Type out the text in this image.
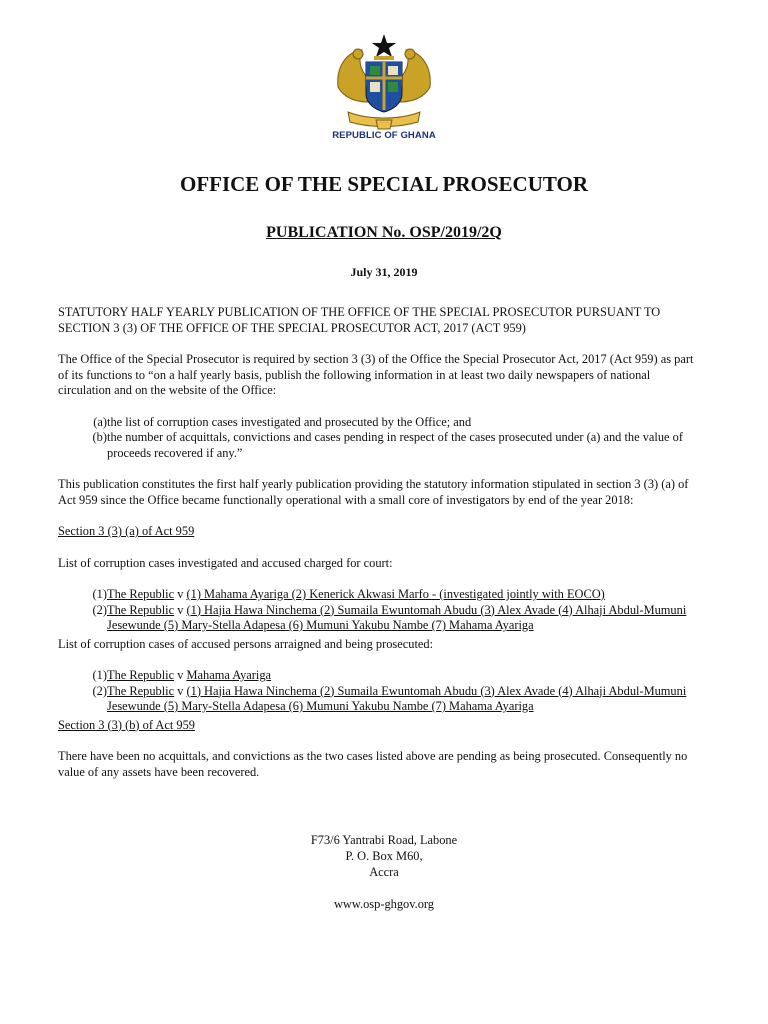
REPUBLIC OF GHANA
OFFICE OF THE SPECIAL PROSECUTOR
PUBLICATION No. OSP/2019/2Q
July 31, 2019

STATUTORY HALF YEARLY PUBLICATION OF THE OFFICE OF THE SPECIAL PROSECUTOR PURSUANT TO SECTION 3 (3) OF THE OFFICE OF THE SPECIAL PROSECUTOR ACT, 2017 (ACT 959)

The Office of the Special Prosecutor is required by section 3 (3) of the Office the Special Prosecutor Act, 2017 (Act 959) as part of its functions to “on a half yearly basis, publish the following information in at least two daily newspapers of national circulation and on the website of the Office:

(a) the list of corruption cases investigated and prosecuted by the Office; and
(b) the number of acquittals, convictions and cases pending in respect of the cases prosecuted under (a) and the value of proceeds recovered if any.”

This publication constitutes the first half yearly publication providing the statutory information stipulated in section 3 (3) (a) of Act 959 since the Office became functionally operational with a small core of investigators by end of the year 2018:

Section 3 (3) (a) of Act 959

List of corruption cases investigated and accused charged for court:

(1) The Republic v (1) Mahama Ayariga (2) Kenerick Akwasi Marfo - (investigated jointly with EOCO)
(2) The Republic v (1) Hajia Hawa Ninchema (2) Sumaila Ewuntomah Abudu (3) Alex Avade (4) Alhaji Abdul-Mumuni Jesewunde (5) Mary-Stella Adapesa (6) Mumuni Yakubu Nambe (7) Mahama Ayariga

List of corruption cases of accused persons arraigned and being prosecuted:

(1) The Republic v Mahama Ayariga
(2) The Republic v (1) Hajia Hawa Ninchema (2) Sumaila Ewuntomah Abudu (3) Alex Avade (4) Alhaji Abdul-Mumuni Jesewunde (5) Mary-Stella Adapesa (6) Mumuni Yakubu Nambe (7) Mahama Ayariga
Section 3 (3) (b) of Act 959

There have been no acquittals, and convictions as the two cases listed above are pending as being prosecuted. Consequently no value of any assets have been recovered.

F73/6 Yantrabi Road, Labone
P. O. Box M60,
Accra
www.osp-ghgov.org
